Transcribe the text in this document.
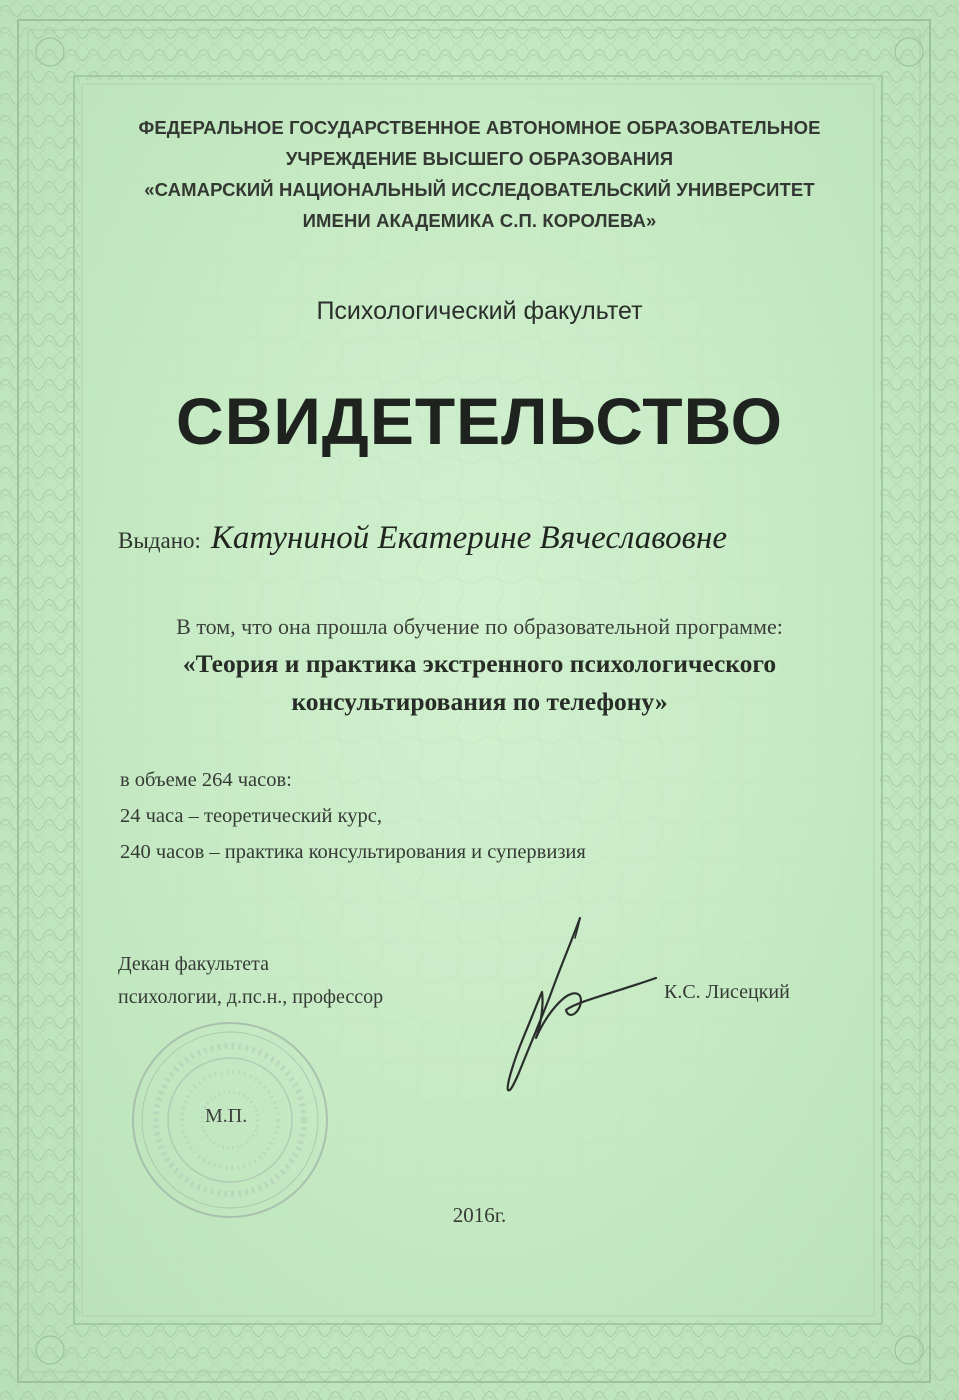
ФЕДЕРАЛЬНОЕ ГОСУДАРСТВЕННОЕ АВТОНОМНОЕ ОБРАЗОВАТЕЛЬНОЕ
УЧРЕЖДЕНИЕ ВЫСШЕГО ОБРАЗОВАНИЯ
«САМАРСКИЙ НАЦИОНАЛЬНЫЙ ИССЛЕДОВАТЕЛЬСКИЙ УНИВЕРСИТЕТ
ИМЕНИ АКАДЕМИКА С.П. КОРОЛЕВА»
Психологический факультет
СВИДЕТЕЛЬСТВО
Выдано: Катуниной Екатерине Вячеславовне
В том, что она прошла обучение по образовательной программе:
«Теория и практика экстренного психологического
консультирования по телефону»
в объеме 264 часов:
24 часа – теоретический курс,
240 часов – практика консультирования и супервизия
Декан факультета
психологии, д.пс.н., профессор
М.П.
К.С. Лисецкий
2016г.
